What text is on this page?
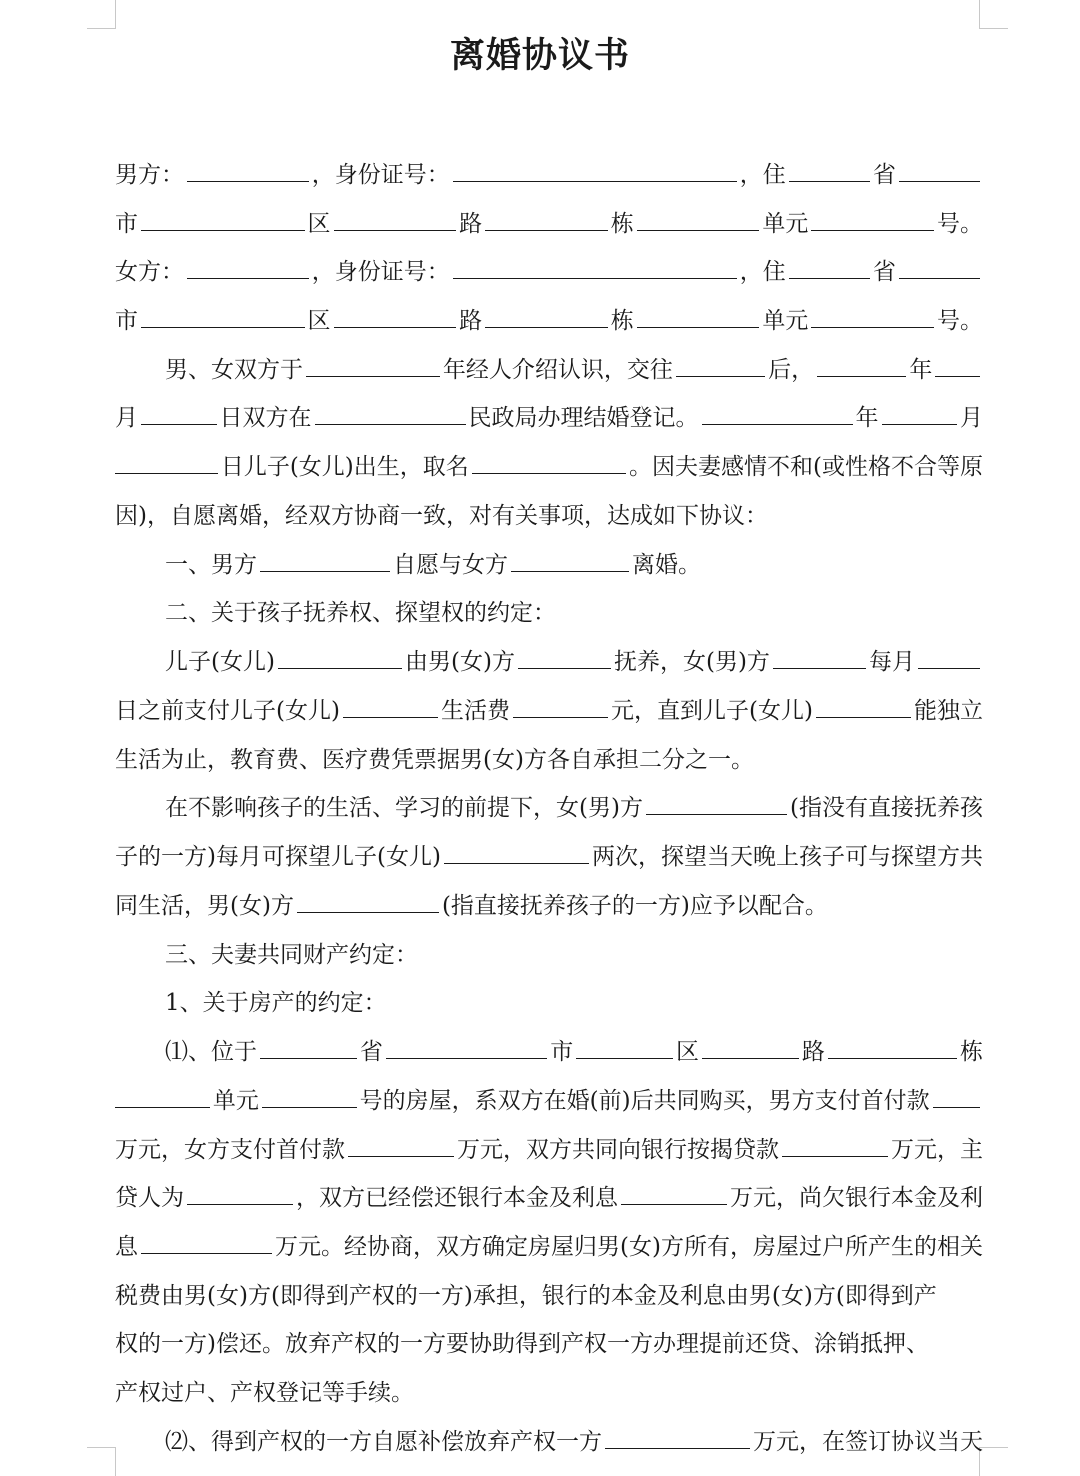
离婚协议书
男方：	， 身份证号：	， 住	省
市	区	路	栋	单元	号。
女方：	， 身份证号：	， 住	省
市	区	路	栋	单元	号。
男、女双方于	年经人介绍认识，交往	后，	年
月	日双方在	民政局办理结婚登记。	年	月
日儿子(女儿)出生，取名	。因夫妻感情不和(或性格不合等原
因)，自愿离婚，经双方协商一致，对有关事项，达成如下协议：
一、男方	自愿与女方	离婚。
二、关于孩子抚养权、探望权的约定：
儿子(女儿)	由男(女)方	抚养，女(男)方	每月
日之前支付儿子(女儿)	生活费	元，直到儿子(女儿)	能独立
生活为止，教育费、医疗费凭票据男(女)方各自承担二分之一。
在不影响孩子的生活、学习的前提下，女(男)方	(指没有直接抚养孩
子的一方)每月可探望儿子(女儿)	两次，探望当天晚上孩子可与探望方共
同生活，男(女)方	(指直接抚养孩子的一方)应予以配合。
三、夫妻共同财产约定：
1、关于房产的约定：
⑴、位于	省	市	区	路	栋
单元	号的房屋，系双方在婚(前)后共同购买，男方支付首付款
万元，女方支付首付款	万元，双方共同向银行按揭贷款	万元，主
贷人为	，双方已经偿还银行本金及利息	万元，尚欠银行本金及利
息	万元。经协商，双方确定房屋归男(女)方所有，房屋过户所产生的相关
税费由男(女)方(即得到产权的一方)承担，银行的本金及利息由男(女)方(即得到产
权的一方)偿还。放弃产权的一方要协助得到产权一方办理提前还贷、涂销抵押、
产权过户、产权登记等手续。
⑵、得到产权的一方自愿补偿放弃产权一方	万元，在签订协议当天
